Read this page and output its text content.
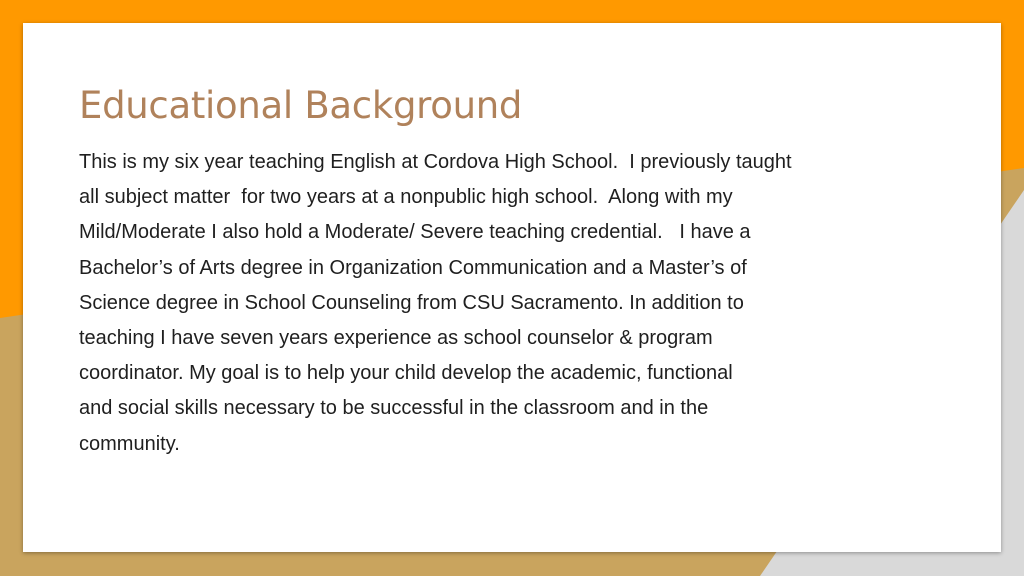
Educational Background
This is my six year teaching English at Cordova High School.  I previously taught
all subject matter  for two years at a nonpublic high school.  Along with my
Mild/Moderate I also hold a Moderate/ Severe teaching credential.   I have a
Bachelor’s of Arts degree in Organization Communication and a Master’s of
Science degree in School Counseling from CSU Sacramento. In addition to
teaching I have seven years experience as school counselor & program
coordinator. My goal is to help your child develop the academic, functional
and social skills necessary to be successful in the classroom and in the
community.
